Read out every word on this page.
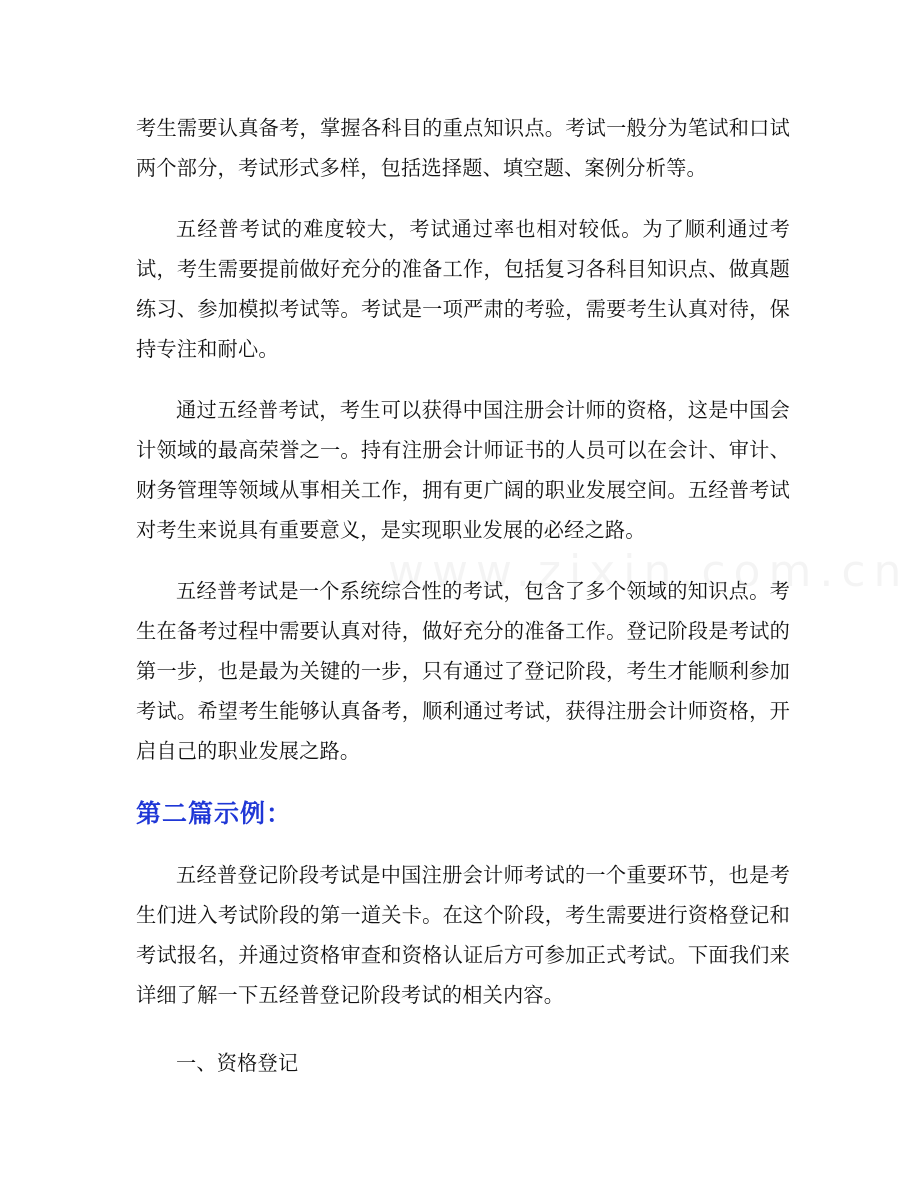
考生需要认真备考，掌握各科目的重点知识点。考试一般分为笔试和口试两个部分，考试形式多样，包括选择题、填空题、案例分析等。

五经普考试的难度较大，考试通过率也相对较低。为了顺利通过考试，考生需要提前做好充分的准备工作，包括复习各科目知识点、做真题练习、参加模拟考试等。考试是一项严肃的考验，需要考生认真对待，保持专注和耐心。

通过五经普考试，考生可以获得中国注册会计师的资格，这是中国会计领域的最高荣誉之一。持有注册会计师证书的人员可以在会计、审计、财务管理等领域从事相关工作，拥有更广阔的职业发展空间。五经普考试对考生来说具有重要意义，是实现职业发展的必经之路。

五经普考试是一个系统综合性的考试，包含了多个领域的知识点。考生在备考过程中需要认真对待，做好充分的准备工作。登记阶段是考试的第一步，也是最为关键的一步，只有通过了登记阶段，考生才能顺利参加考试。希望考生能够认真备考，顺利通过考试，获得注册会计师资格，开启自己的职业发展之路。

第二篇示例：

五经普登记阶段考试是中国注册会计师考试的一个重要环节，也是考生们进入考试阶段的第一道关卡。在这个阶段，考生需要进行资格登记和考试报名，并通过资格审查和资格认证后方可参加正式考试。下面我们来详细了解一下五经普登记阶段考试的相关内容。

一、资格登记
